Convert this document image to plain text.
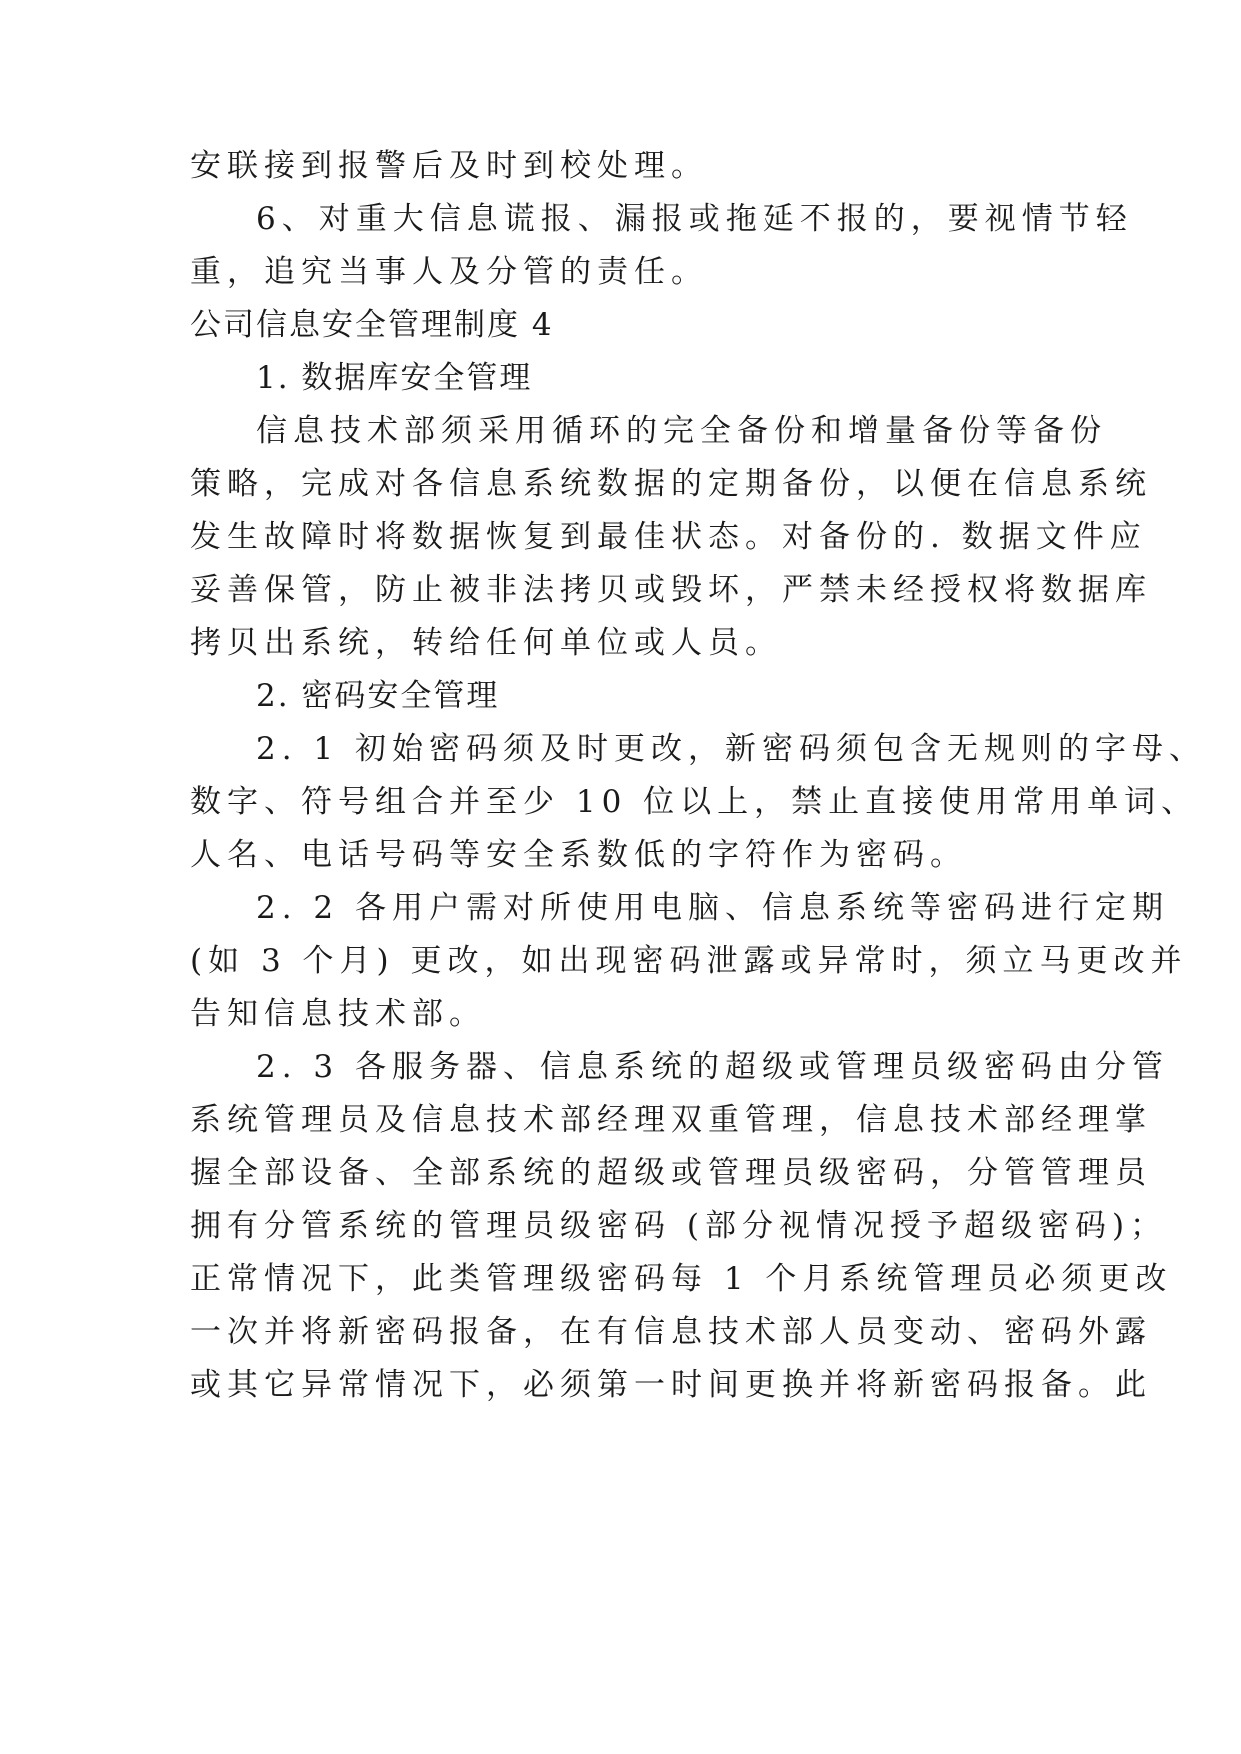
安联接到报警后及时到校处理。
6、对重大信息谎报、漏报或拖延不报的，要视情节轻
重，追究当事人及分管的责任。
公司信息安全管理制度 4
1. 数据库安全管理
信息技术部须采用循环的完全备份和增量备份等备份
策略，完成对各信息系统数据的定期备份，以便在信息系统
发生故障时将数据恢复到最佳状态。对备份的. 数据文件应
妥善保管，防止被非法拷贝或毁坏，严禁未经授权将数据库
拷贝出系统，转给任何单位或人员。
2. 密码安全管理
2. 1 初始密码须及时更改，新密码须包含无规则的字母、
数字、符号组合并至少 10 位以上，禁止直接使用常用单词、
人名、电话号码等安全系数低的字符作为密码。
2. 2 各用户需对所使用电脑、信息系统等密码进行定期
(如 3 个月) 更改，如出现密码泄露或异常时，须立马更改并
告知信息技术部。
2. 3 各服务器、信息系统的超级或管理员级密码由分管
系统管理员及信息技术部经理双重管理，信息技术部经理掌
握全部设备、全部系统的超级或管理员级密码，分管管理员
拥有分管系统的管理员级密码 (部分视情况授予超级密码)；
正常情况下，此类管理级密码每 1 个月系统管理员必须更改
一次并将新密码报备，在有信息技术部人员变动、密码外露
或其它异常情况下，必须第一时间更换并将新密码报备。此
